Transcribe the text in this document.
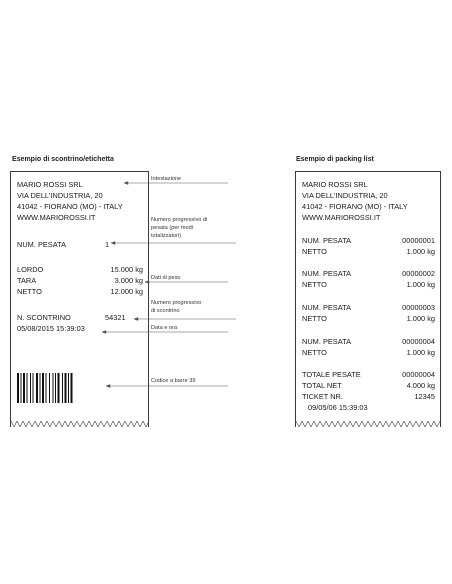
Esempio di scontrino/etichetta	Esempio di packing list
MARIO ROSSI SRL
VIA DELL'INDUSTRIA, 20
41042 - FIORANO (MO) - ITALY
WWW.MARIOROSSI.IT
NUM. PESATA	1
LORDO	15.000 kg
TARA	3.000 kg
NETTO	12.000 kg
N. SCONTRINO	54321
05/08/2015 15:39:03
Intestazione
Numero progressivo di
pesata (per modi
totalizzatori)
Dati di peso
Numero progressivo
di scontrino
Data e ora
Codice a barre 39
MARIO ROSSI SRL
VIA DELL'INDUSTRIA, 20
41042 - FIORANO (MO) - ITALY
WWW.MARIOROSSI.IT
NUM. PESATA	00000001
NETTO	1.000 kg
NUM. PESATA	00000002
NETTO	1.000 kg
NUM. PESATA	00000003
NETTO	1.000 kg
NUM. PESATA	00000004
NETTO	1.000 kg
TOTALE PESATE	00000004
TOTAL NET	4.000 kg
TICKET NR.	12345
09/05/06 15:39:03
